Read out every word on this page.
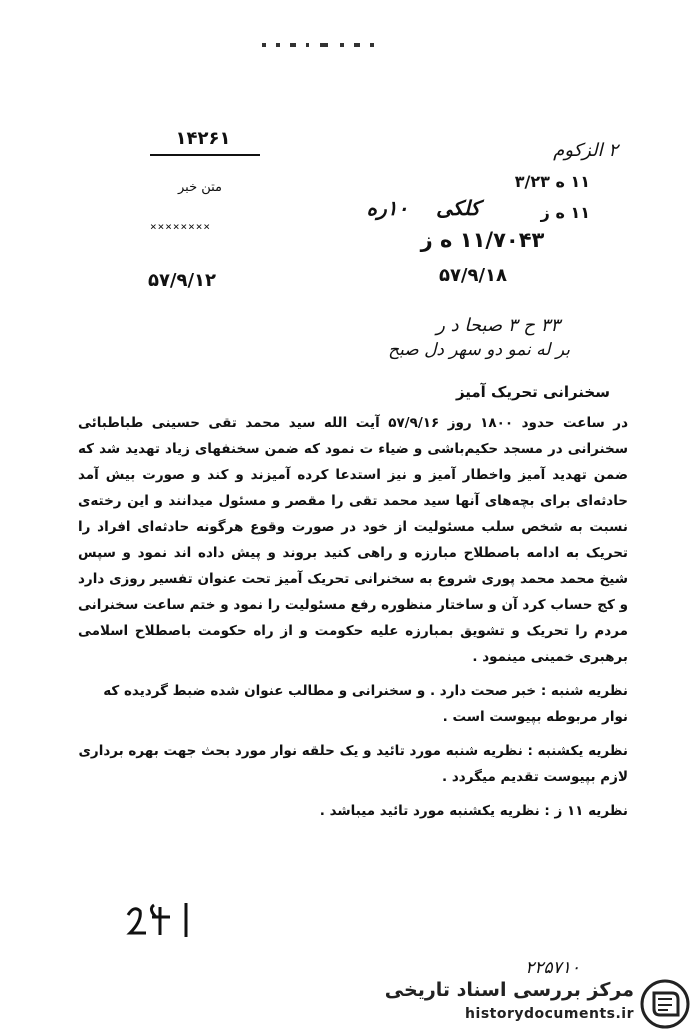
۱۴۲۶۱
متن خبر
××××××××
۵۷/۹/۱۲
۲ الزکوم
۱۱ ه ۳/۲۳
۱۱ ه ز
کلکی    ۱۰ره
۱۱/۷۰۴۳ ه ز
۵۷/۹/۱۸
۳۳ ح ۳ صبحا د ر
بر له نمو دو سهر دل صبح
سخنرانی تحریک آمیز

در ساعت حدود ۱۸۰۰ روز ۵۷/۹/۱۶ آیت الله سید محمد تقی حسینی طباطبائی سخنرانی در مسجد حکیم‌باشی و ضیاء ت نمود که ضمن سخنفهای زیاد تهدید شد که ضمن تهدید آمیز واخطار آمیز و نیز استدعا کرده آمیزند و کند و صورت بیش آمد حادثه‌ای برای بچه‌های آنها سید محمد تقی را مقصر و مسئول میدانند و این رخته‌ی نسبت به شخص سلب مسئولیت از خود در صورت وقوع هرگونه حادثه‌ای افراد را تحریک به ادامه باصطلاح مبارزه و راهی کنید بروند و پیش داده اند نمود و سپس شیخ محمد محمد پوری شروع به سخنرانی تحریک آمیز تحت عنوان تفسیر روزی دارد و کج حساب کرد آن و ساختار منظوره رفع مسئولیت را نمود و ختم ساعت سخنرانی مردم را تحریک و تشویق بمبارزه علیه حکومت و از راه حکومت باصطلاح اسلامی برهبری خمینی مینمود .

نظریه شنبه : خبر صحت دارد . و سخنرانی و مطالب عنوان شده ضبط گردیده که نوار مربوطه بپیوست است .

نظریه یکشنبه : نظریه شنبه مورد تائید و یک حلقه نوار مورد بحث جهت بهره برداری لازم بپیوست تقدیم میگردد .

نظریه ۱۱ ز : نظریه یکشنبه مورد تائید میباشد .

۲۲۵۷۱۰
مرکز بررسی اسناد تاریخی
historydocuments.ir
